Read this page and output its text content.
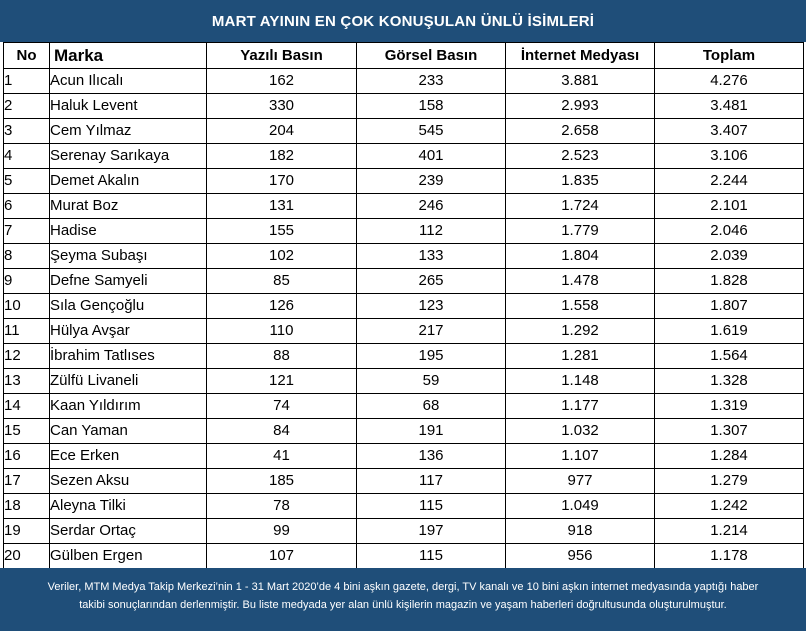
MART AYININ EN ÇOK KONUŞULAN ÜNLÜ İSİMLERİ
No	Marka	Yazılı Basın	Görsel Basın	İnternet Medyası	Toplam
1	Acun Ilıcalı	162	233	3.881	4.276
2	Haluk Levent	330	158	2.993	3.481
3	Cem Yılmaz	204	545	2.658	3.407
4	Serenay Sarıkaya	182	401	2.523	3.106
5	Demet Akalın	170	239	1.835	2.244
6	Murat Boz	131	246	1.724	2.101
7	Hadise	155	112	1.779	2.046
8	Şeyma Subaşı	102	133	1.804	2.039
9	Defne Samyeli	85	265	1.478	1.828
10	Sıla Gençoğlu	126	123	1.558	1.807
11	Hülya Avşar	110	217	1.292	1.619
12	İbrahim Tatlıses	88	195	1.281	1.564
13	Zülfü Livaneli	121	59	1.148	1.328
14	Kaan Yıldırım	74	68	1.177	1.319
15	Can Yaman	84	191	1.032	1.307
16	Ece Erken	41	136	1.107	1.284
17	Sezen Aksu	185	117	977	1.279
18	Aleyna Tilki	78	115	1.049	1.242
19	Serdar Ortaç	99	197	918	1.214
20	Gülben Ergen	107	115	956	1.178
Veriler, MTM Medya Takip Merkezi’nin 1 - 31 Mart 2020’de 4 bini aşkın gazete, dergi, TV kanalı ve 10 bini aşkın internet medyasında yaptığı haber
takibi sonuçlarından derlenmiştir. Bu liste medyada yer alan ünlü kişilerin magazin ve yaşam haberleri doğrultusunda oluşturulmuştur.
